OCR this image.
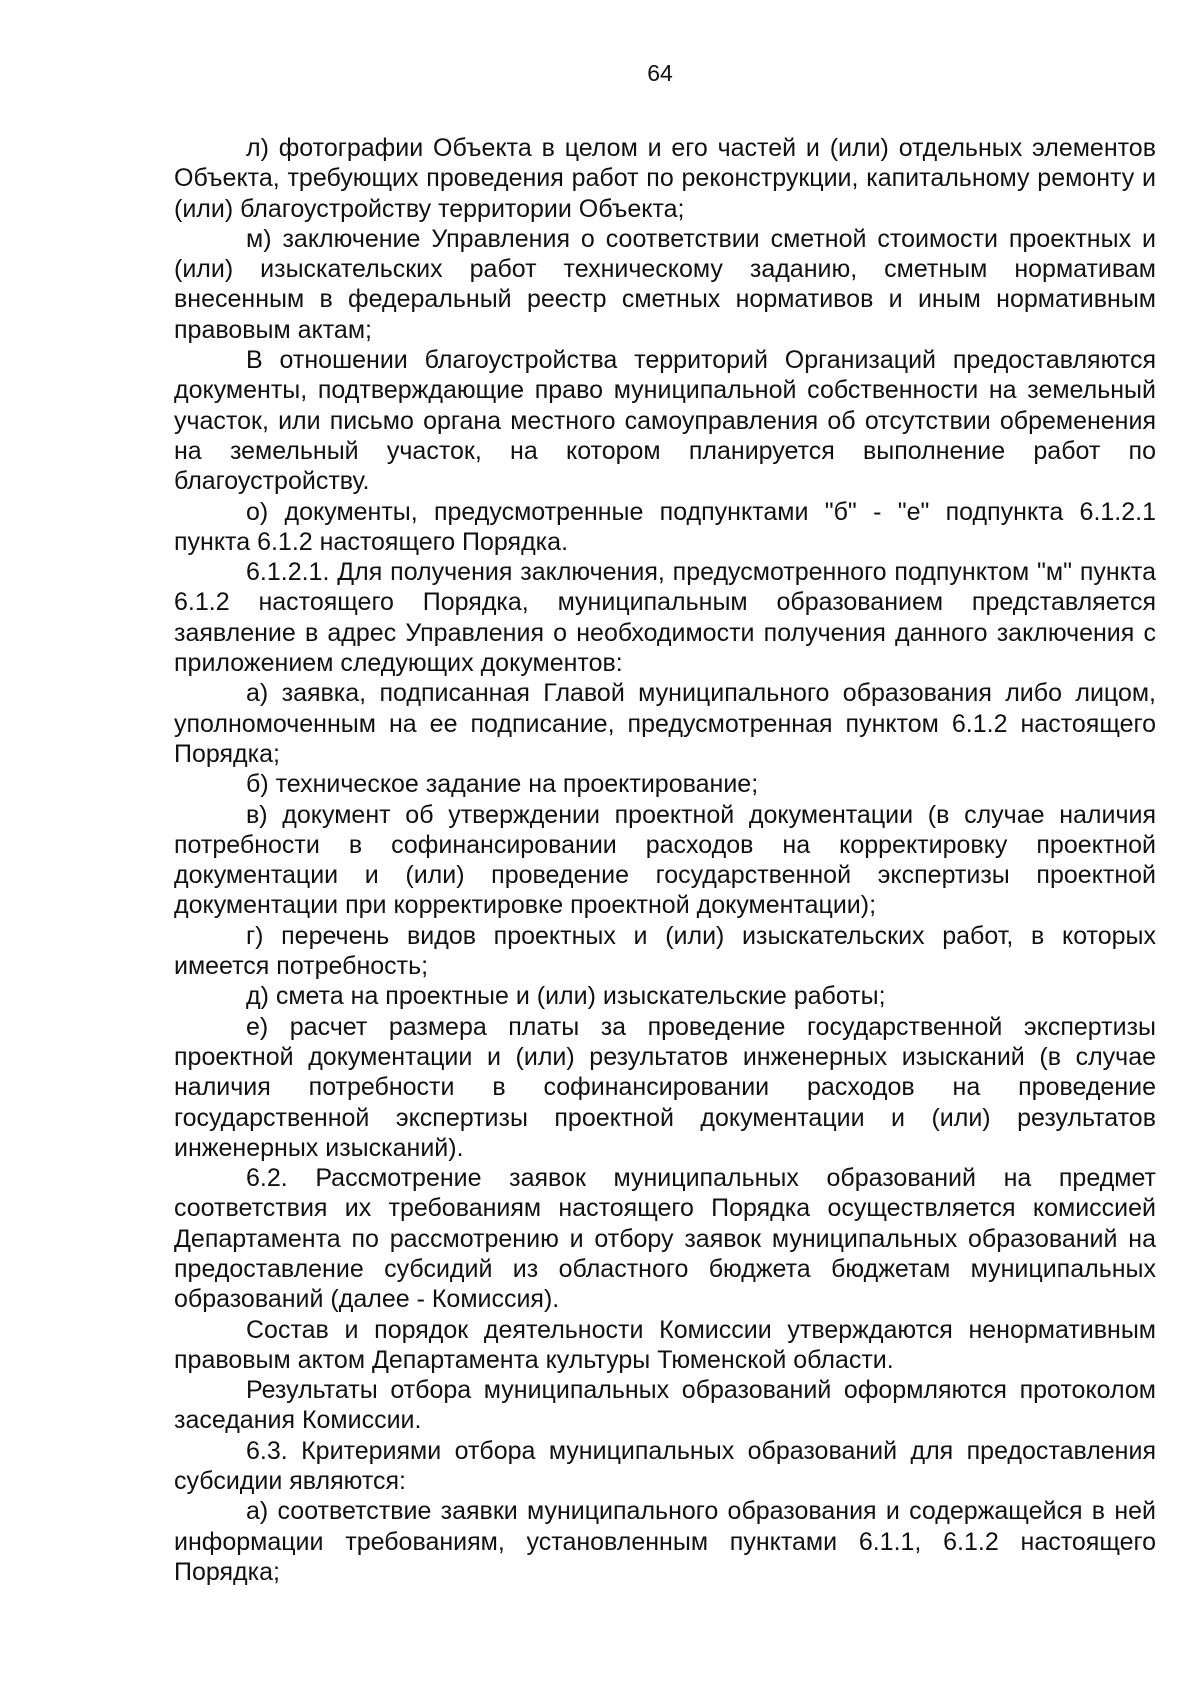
64

л) фотографии Объекта в целом и его частей и (или) отдельных элементов Объекта, требующих проведения работ по реконструкции, капитальному ремонту и (или) благоустройству территории Объекта;

м) заключение Управления о соответствии сметной стоимости проектных и (или) изыскательских работ техническому заданию, сметным нормативам внесенным в федеральный реестр сметных нормативов и иным нормативным правовым актам;

В отношении благоустройства территорий Организаций предоставляются документы, подтверждающие право муниципальной собственности на земельный участок, или письмо органа местного самоуправления об отсутствии обременения на земельный участок, на котором планируется выполнение работ по благоустройству.

о) документы, предусмотренные подпунктами "б" - "е" подпункта 6.1.2.1 пункта 6.1.2 настоящего Порядка.

6.1.2.1. Для получения заключения, предусмотренного подпунктом "м" пункта 6.1.2 настоящего Порядка, муниципальным образованием представляется заявление в адрес Управления о необходимости получения данного заключения с приложением следующих документов:

а) заявка, подписанная Главой муниципального образования либо лицом, уполномоченным на ее подписание, предусмотренная пунктом 6.1.2 настоящего Порядка;

б) техническое задание на проектирование;

в) документ об утверждении проектной документации (в случае наличия потребности в софинансировании расходов на корректировку проектной документации и (или) проведение государственной экспертизы проектной документации при корректировке проектной документации);

г) перечень видов проектных и (или) изыскательских работ, в которых имеется потребность;

д) смета на проектные и (или) изыскательские работы;

е) расчет размера платы за проведение государственной экспертизы проектной документации и (или) результатов инженерных изысканий (в случае наличия потребности в софинансировании расходов на проведение государственной экспертизы проектной документации и (или) результатов инженерных изысканий).

6.2. Рассмотрение заявок муниципальных образований на предмет соответствия их требованиям настоящего Порядка осуществляется комиссией Департамента по рассмотрению и отбору заявок муниципальных образований на предоставление субсидий из областного бюджета бюджетам муниципальных образований (далее - Комиссия).

Состав и порядок деятельности Комиссии утверждаются ненормативным правовым актом Департамента культуры Тюменской области.

Результаты отбора муниципальных образований оформляются протоколом заседания Комиссии.

6.3. Критериями отбора муниципальных образований для предоставления субсидии являются:

а) соответствие заявки муниципального образования и содержащейся в ней информации требованиям, установленным пунктами 6.1.1, 6.1.2 настоящего Порядка;
